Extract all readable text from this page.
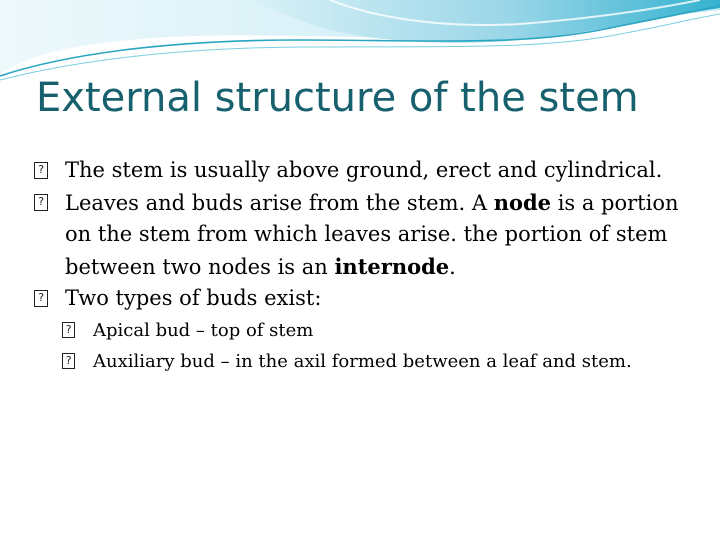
External structure of the stem

? The stem is usually above ground, erect and cylindrical.

? Leaves and buds arise from the stem. A node is a portion on the stem from which leaves arise. the portion of stem between two nodes is an internode.

? Two types of buds exist:

? Apical bud – top of stem

? Auxiliary bud – in the axil formed between a leaf and stem.
